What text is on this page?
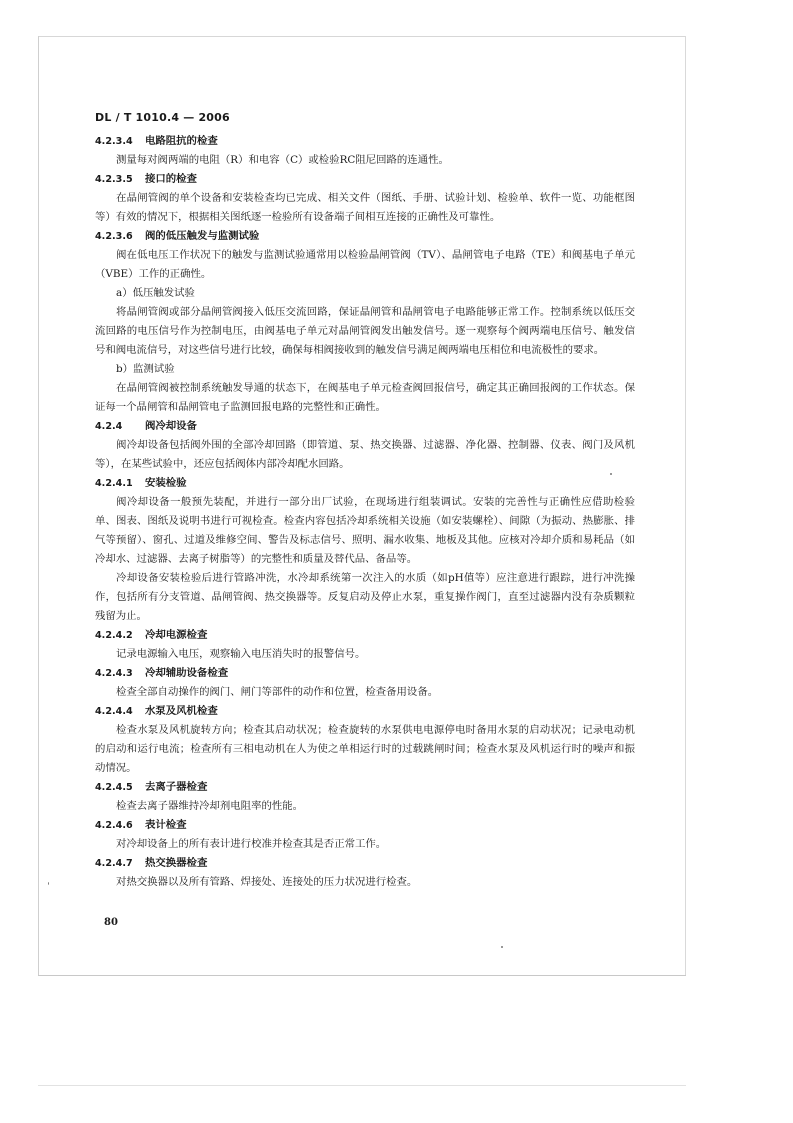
DL / T 1010.4 — 2006

4.2.3.4 电路阻抗的检查

测量每对阀两端的电阻（R）和电容（C）或检验RC阻尼回路的连通性。

4.2.3.5 接口的检查

在晶闸管阀的单个设备和安装检查均已完成、相关文件（图纸、手册、试验计划、检验单、软件一览、功能框图等）有效的情况下，根据相关图纸逐一检验所有设备端子间相互连接的正确性及可靠性。

4.2.3.6 阀的低压触发与监测试验

阀在低电压工作状况下的触发与监测试验通常用以检验晶闸管阀（TV）、晶闸管电子电路（TE）和阀基电子单元（VBE）工作的正确性。

a）低压触发试验

将晶闸管阀或部分晶闸管阀接入低压交流回路，保证晶闸管和晶闸管电子电路能够正常工作。控制系统以低压交流回路的电压信号作为控制电压，由阀基电子单元对晶闸管阀发出触发信号。逐一观察每个阀两端电压信号、触发信号和阀电流信号，对这些信号进行比较，确保每相阀接收到的触发信号满足阀两端电压相位和电流极性的要求。

b）监测试验

在晶闸管阀被控制系统触发导通的状态下，在阀基电子单元检查阀回报信号，确定其正确回报阀的工作状态。保证每一个晶闸管和晶闸管电子监测回报电路的完整性和正确性。

4.2.4 阀冷却设备

阀冷却设备包括阀外围的全部冷却回路（即管道、泵、热交换器、过滤器、净化器、控制器、仪表、阀门及风机等），在某些试验中，还应包括阀体内部冷却配水回路。

4.2.4.1 安装检验

阀冷却设备一般预先装配，并进行一部分出厂试验，在现场进行组装调试。安装的完善性与正确性应借助检验单、图表、图纸及说明书进行可视检查。检查内容包括冷却系统相关设施（如安装螺栓）、间隙（为振动、热膨胀、排气等预留）、窗孔、过道及维修空间、警告及标志信号、照明、漏水收集、地板及其他。应核对冷却介质和易耗品（如冷却水、过滤器、去离子树脂等）的完整性和质量及替代品、备品等。

冷却设备安装检验后进行管路冲洗，水冷却系统第一次注入的水质（如pH值等）应注意进行跟踪，进行冲洗操作，包括所有分支管道、晶闸管阀、热交换器等。反复启动及停止水泵，重复操作阀门，直至过滤器内没有杂质颗粒残留为止。

4.2.4.2 冷却电源检查

记录电源输入电压，观察输入电压消失时的报警信号。

4.2.4.3 冷却辅助设备检查

检查全部自动操作的阀门、闸门等部件的动作和位置，检查备用设备。

4.2.4.4 水泵及风机检查

检查水泵及风机旋转方向；检查其启动状况；检查旋转的水泵供电电源停电时备用水泵的启动状况；记录电动机的启动和运行电流；检查所有三相电动机在人为使之单相运行时的过载跳闸时间；检查水泵及风机运行时的噪声和振动情况。

4.2.4.5 去离子器检查

检查去离子器维持冷却剂电阻率的性能。

4.2.4.6 表计检查

对冷却设备上的所有表计进行校准并检查其是否正常工作。

4.2.4.7 热交换器检查

对热交换器以及所有管路、焊接处、连接处的压力状况进行检查。

80
